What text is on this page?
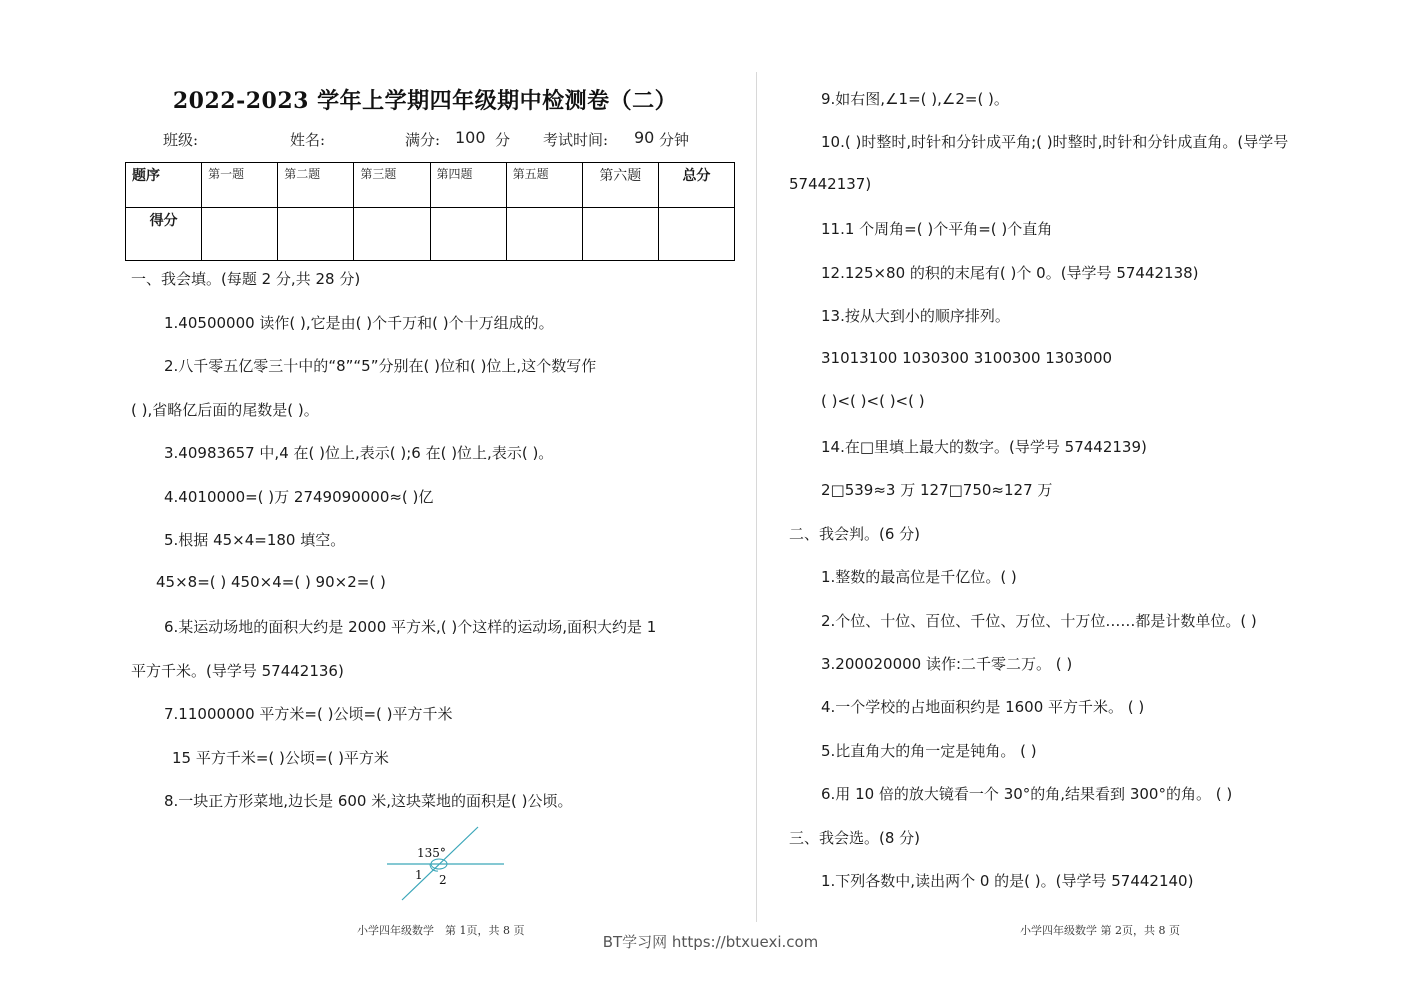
2022-2023 学年上学期四年级期中检测卷（二）
班级:	姓名:	满分: 100 分 考试时间: 90 分钟
题序	第一题	第二题	第三题	第四题	第五题	第六题	总分
得分							
一、我会填。(每题 2 分,共 28 分)
1.40500000 读作( ),它是由( )个千万和( )个十万组成的。
2.八千零五亿零三十中的“8”“5”分别在( )位和( )位上,这个数写作
( ),省略亿后面的尾数是( )。
3.40983657 中,4 在( )位上,表示( );6 在( )位上,表示( )。
4.4010000=( )万 2749090000≈( )亿
5.根据 45×4=180 填空。
45×8=( ) 450×4=( ) 90×2=( )
6.某运动场地的面积大约是 2000 平方米,( )个这样的运动场,面积大约是 1
平方千米。(导学号 57442136)
7.11000000 平方米=( )公顷=( )平方千米
15 平方千米=( )公顷=( )平方米
8.一块正方形菜地,边长是 600 米,这块菜地的面积是( )公顷。
135°
1 2
小学四年级数学　第 1页，共 8 页
9.如右图,∠1=( ),∠2=( )。
10.( )时整时,时针和分针成平角;( )时整时,时针和分针成直角。(导学号
57442137)
11.1 个周角=( )个平角=( )个直角
12.125×80 的积的末尾有( )个 0。(导学号 57442138)
13.按从大到小的顺序排列。
31013100 1030300 3100300 1303000
( )<( )<( )<( )
14.在□里填上最大的数字。(导学号 57442139)
2□539≈3 万 127□750≈127 万
二、我会判。(6 分)
1.整数的最高位是千亿位。( )
2.个位、十位、百位、千位、万位、十万位……都是计数单位。( )
3.200020000 读作:二千零二万。 ( )
4.一个学校的占地面积约是 1600 平方千米。 ( )
5.比直角大的角一定是钝角。 ( )
6.用 10 倍的放大镜看一个 30°的角,结果看到 300°的角。 ( )
三、我会选。(8 分)
1.下列各数中,读出两个 0 的是( )。(导学号 57442140)
小学四年级数学 第 2页，共 8 页
BT学习网 https://btxuexi.com
